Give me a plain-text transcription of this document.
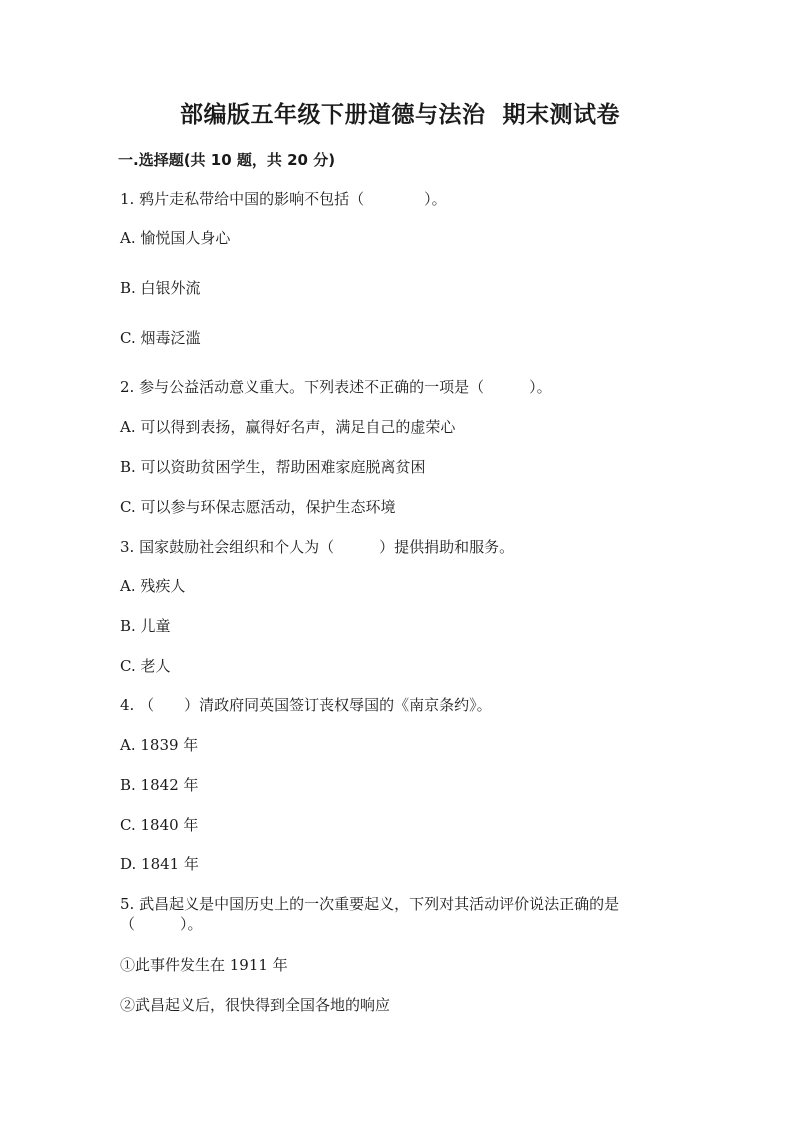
部编版五年级下册道德与法治  期末测试卷
一.选择题(共 10 题，共 20 分)
1. 鸦片走私带给中国的影响不包括（　　　　）。
A. 愉悦国人身心
B. 白银外流
C. 烟毒泛滥
2. 参与公益活动意义重大。下列表述不正确的一项是（　　　）。
A. 可以得到表扬，赢得好名声，满足自己的虚荣心
B. 可以资助贫困学生，帮助困难家庭脱离贫困
C. 可以参与环保志愿活动，保护生态环境
3. 国家鼓励社会组织和个人为（　　　）提供捐助和服务。
A. 残疾人
B. 儿童
C. 老人
4. （　　）清政府同英国签订丧权辱国的《南京条约》。
A. 1839 年
B. 1842 年
C. 1840 年
D. 1841 年
5. 武昌起义是中国历史上的一次重要起义，下列对其活动评价说法正确的是
（　　　）。
①此事件发生在 1911 年
②武昌起义后，很快得到全国各地的响应
